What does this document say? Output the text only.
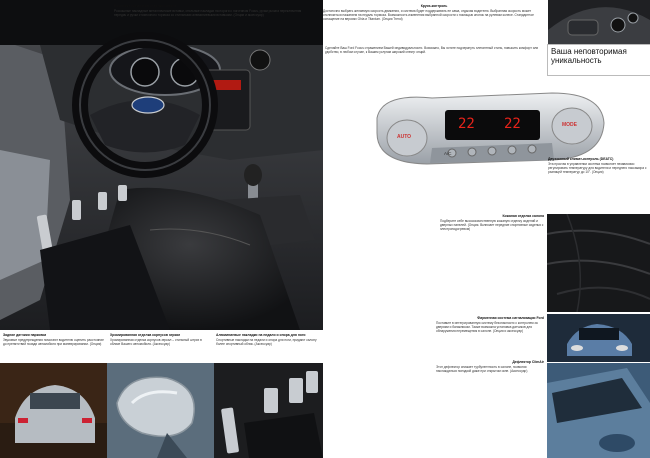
Комплект элементов отделки салона
Роскошные накладные металлические вставки, стильные накладки на пороги с логотипом Focus, ручки рычага переключения передач и ручки стояночного тормоза со стильными алюминиевыми вставками. (Опции и аксессуар)
Круиз-контроль
Достаточно выбрать желаемую скорость движения, и система будет поддерживать ее сама, отдыхая водителю. Выбранная скорость может отключиться нажатием на педаль тормоза. Возможность изменения выбранной скорости с помощью кнопок на рулевом колесе. Стандартное оснащение на версиях Ghia и Titanium. (Опция Trend)
Сделайте Ваш Ford Focus отражением Вашей индивидуальности. Возможно, Вы хотите подчеркнуть элегантный стиль, повысить комфорт или удобство, в любом случае, к Вашим услугам широкий спектр опций.	Ваша неповторимая уникальность
22 22
AUTO
MODE
A/C
Двухзонный климат-контроль (DEATC)
Эта простая в управлении система позволяет независимо регулировать температуру для водителя и переднего пассажира с разницей температур до 10°. (Опция)
Кожаная отделка салона
Подберите себе высококачественную кожаную отделку сидений и дверных панелей. (Опция. Включает передние спортивные сиденья с электроподогревом)
Фирменная система сигнализации Ford
Поставьте в интегрированную систему безопасности с контролем за дверями и багажником. Также возможна установка датчиков для обнаружения перемещения в салоне. (Опция и аксессуар)
Дефлектор ClimAir
Этот дефлектор снижает турбулентность в салоне, позволяя наслаждаться поездкой даже при открытом окне. (Аксессуар)
Задние датчики парковки
Звуковые предупреждения помогают водителю оценить расстояние до препятствий позади автомобиля при маневрировании. (Опция)
Хромированная отделка корпусов зеркал
Хромированная отделка корпусов зеркал – стильный штрих в облике Вашего автомобиля. (Аксессуар)
Алюминиевые накладки на педали и опора для ноги
Спортивные накладки на педали и опора для ноги, придают салону более спортивный облик. (Аксессуар)
